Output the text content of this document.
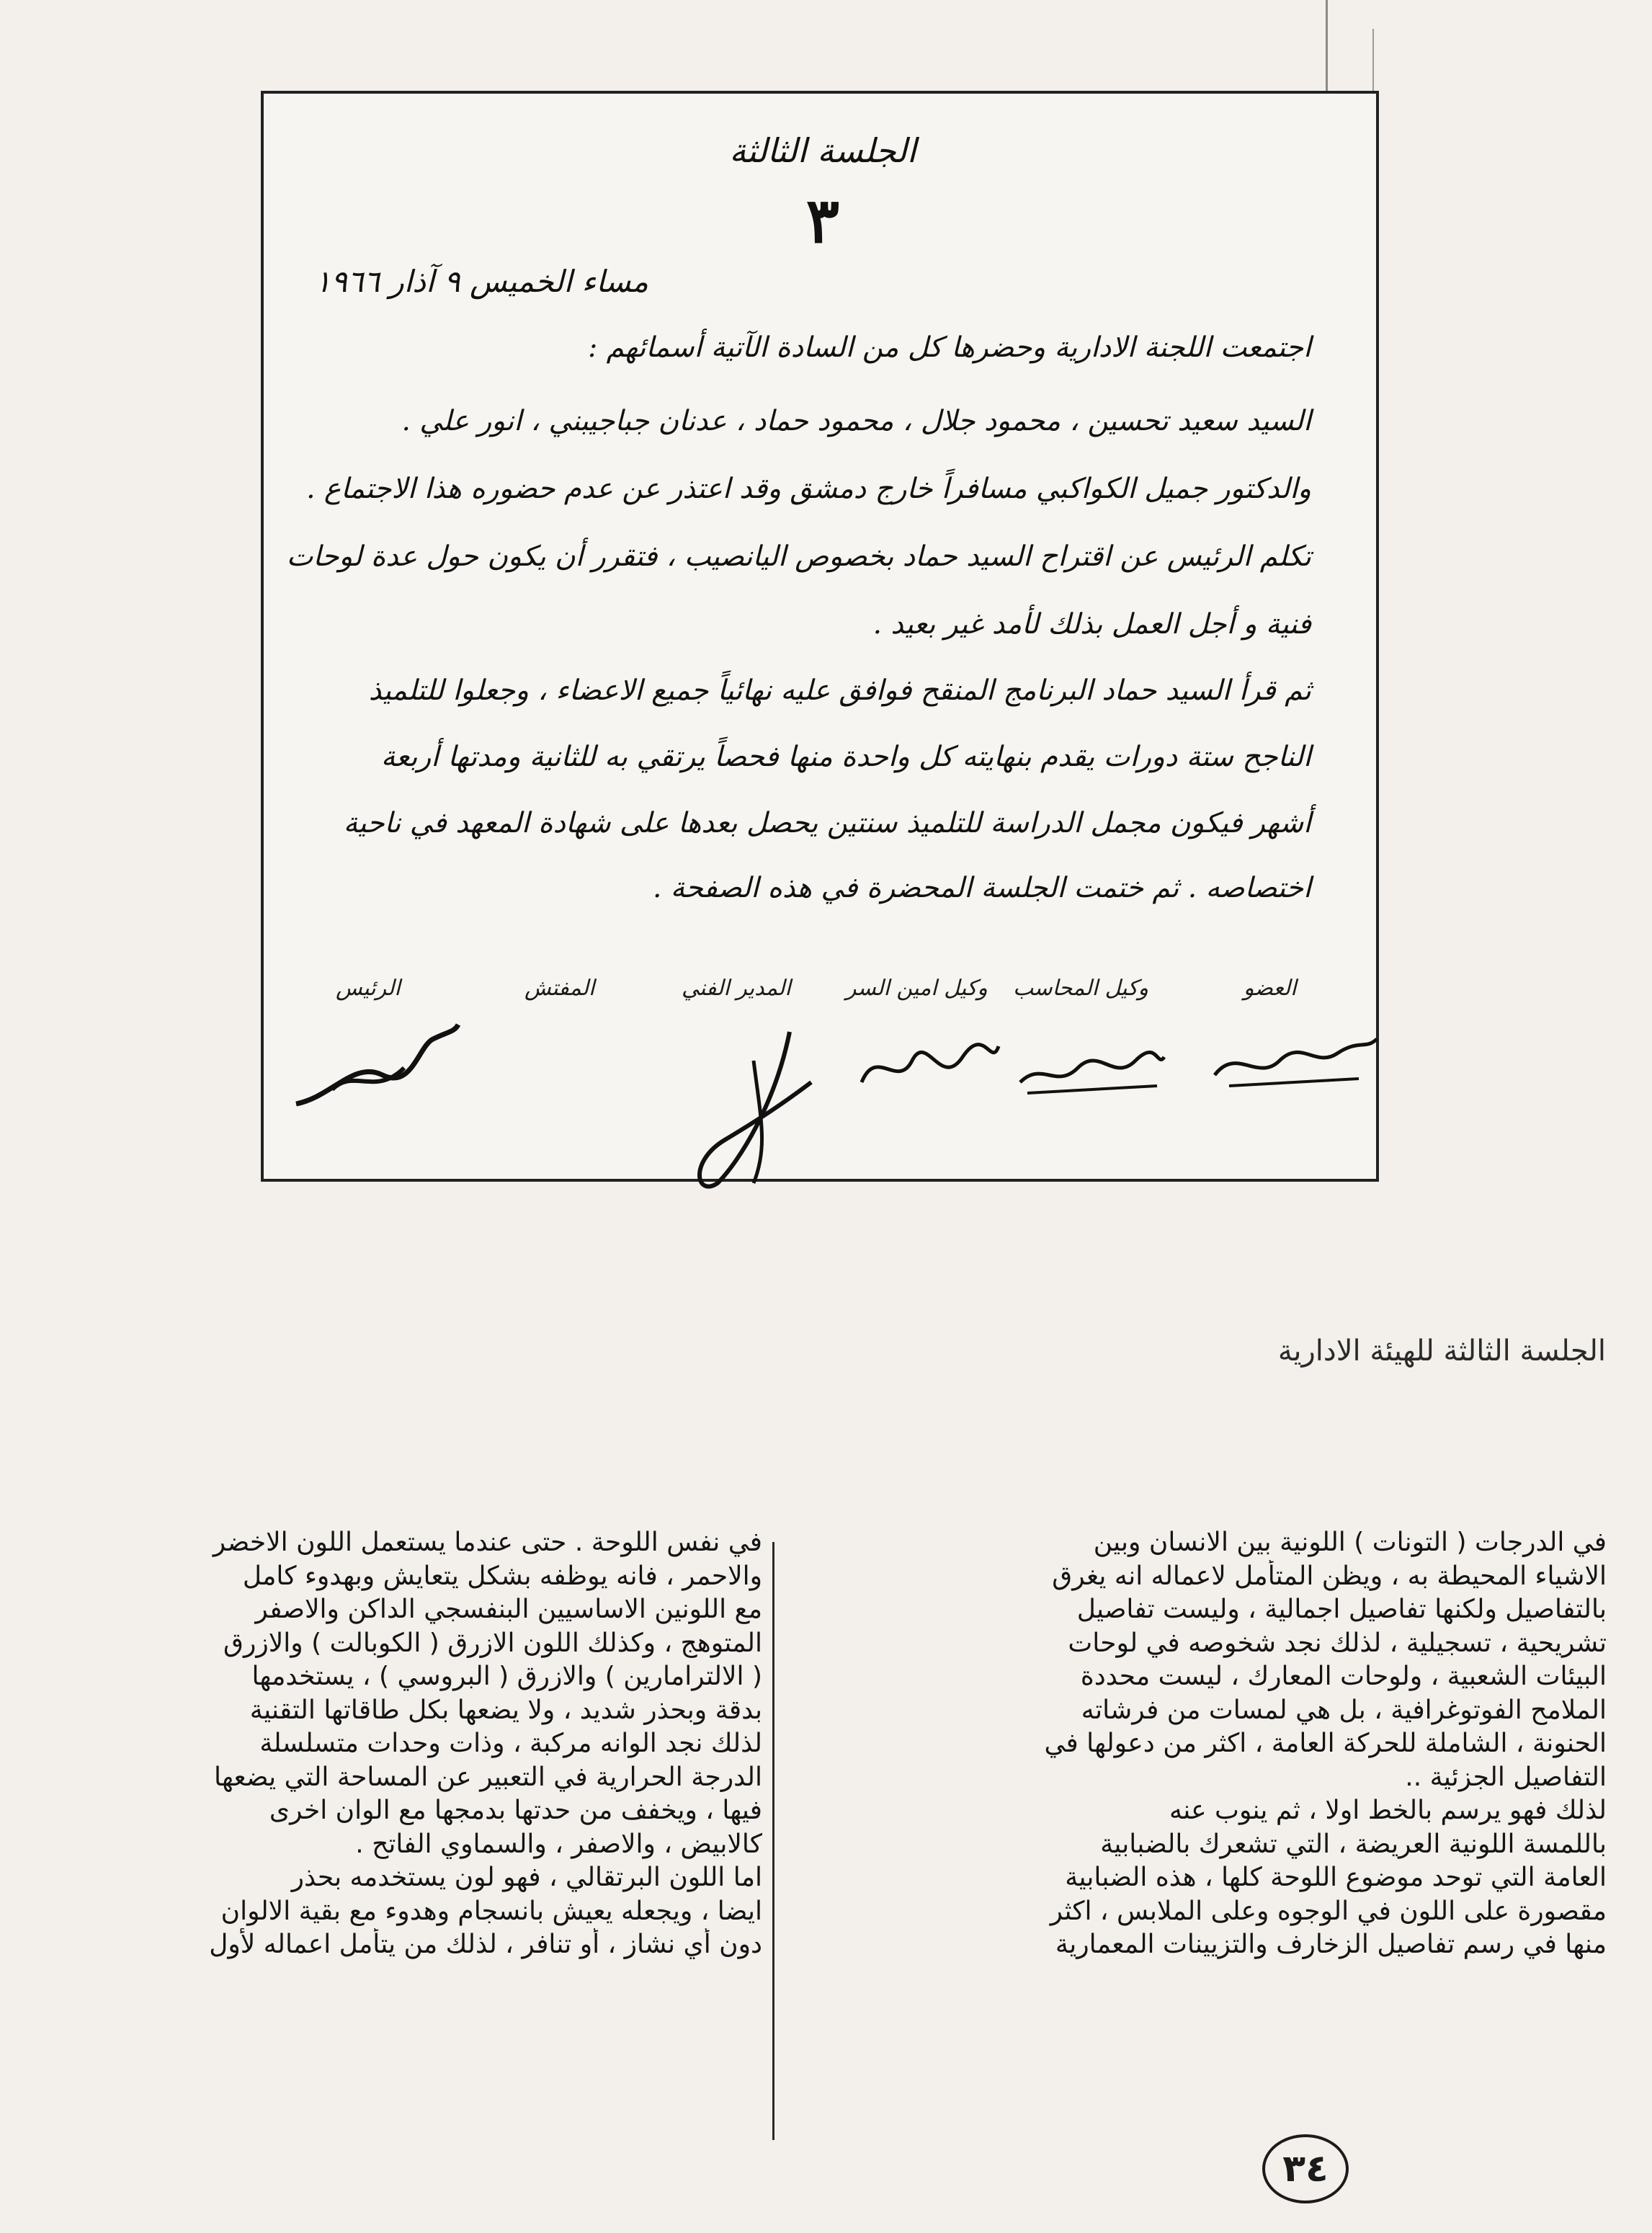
الجلسة الثالثة
٣
مساء الخميس ٩ آذار ١٩٦٦
اجتمعت اللجنة الادارية وحضرها كل من السادة الآتية أسمائهم :
السيد سعيد تحسين ، محمود جلال ، محمود حماد ، عدنان جباجيبني ، انور علي .
والدكتور جميل الكواكبي مسافراً خارج دمشق وقد اعتذر عن عدم حضوره هذا الاجتماع .
تكلم الرئيس عن اقتراح السيد حماد بخصوص اليانصيب ، فتقرر أن يكون حول عدة لوحات
فنية و أجل العمل بذلك لأمد غير بعيد .
ثم قرأ السيد حماد البرنامج المنقح فوافق عليه نهائياً جميع الاعضاء ، وجعلوا للتلميذ
الناجح ستة دورات يقدم بنهايته كل واحدة منها فحصاً يرتقي به للثانية ومدتها أربعة
أشهر فيكون مجمل الدراسة للتلميذ سنتين يحصل بعدها على شهادة المعهد في ناحية
اختصاصه . ثم ختمت الجلسة المحضرة في هذه الصفحة .
العضو
وكيل المحاسب
وكيل امين السر
المدير الفني
المفتش
الرئيس
الجلسة الثالثة للهيئة الادارية
في الدرجات ( التونات ) اللونية بين الانسان وبين
الاشياء المحيطة به ، ويظن المتأمل لاعماله انه يغرق
بالتفاصيل ولكنها تفاصيل اجمالية ، وليست تفاصيل
تشريحية ، تسجيلية ، لذلك نجد شخوصه في لوحات
البيئات الشعبية ، ولوحات المعارك ، ليست محددة
الملامح الفوتوغرافية ، بل هي لمسات من فرشاته
الحنونة ، الشاملة للحركة العامة ، اكثر من دعولها في
التفاصيل الجزئية ..
لذلك فهو يرسم بالخط اولا ، ثم ينوب عنه
باللمسة اللونية العريضة ، التي تشعرك بالضبابية
العامة التي توحد موضوع اللوحة كلها ، هذه الضبابية
مقصورة على اللون في الوجوه وعلى الملابس ، اكثر
منها في رسم تفاصيل الزخارف والتزيينات المعمارية
في نفس اللوحة . حتى عندما يستعمل اللون الاخضر
والاحمر ، فانه يوظفه بشكل يتعايش وبهدوء كامل
مع اللونين الاساسيين البنفسجي الداكن والاصفر
المتوهج ، وكذلك اللون الازرق ( الكوبالت ) والازرق
( الالترامارين ) والازرق ( البروسي ) ، يستخدمها
بدقة وبحذر شديد ، ولا يضعها بكل طاقاتها التقنية
لذلك نجد الوانه مركبة ، وذات وحدات متسلسلة
الدرجة الحرارية في التعبير عن المساحة التي يضعها
فيها ، ويخفف من حدتها بدمجها مع الوان اخرى
كالابيض ، والاصفر ، والسماوي الفاتح .
اما اللون البرتقالي ، فهو لون يستخدمه بحذر
ايضا ، ويجعله يعيش بانسجام وهدوء مع بقية الالوان
دون أي نشاز ، أو تنافر ، لذلك من يتأمل اعماله لأول
٣٤
